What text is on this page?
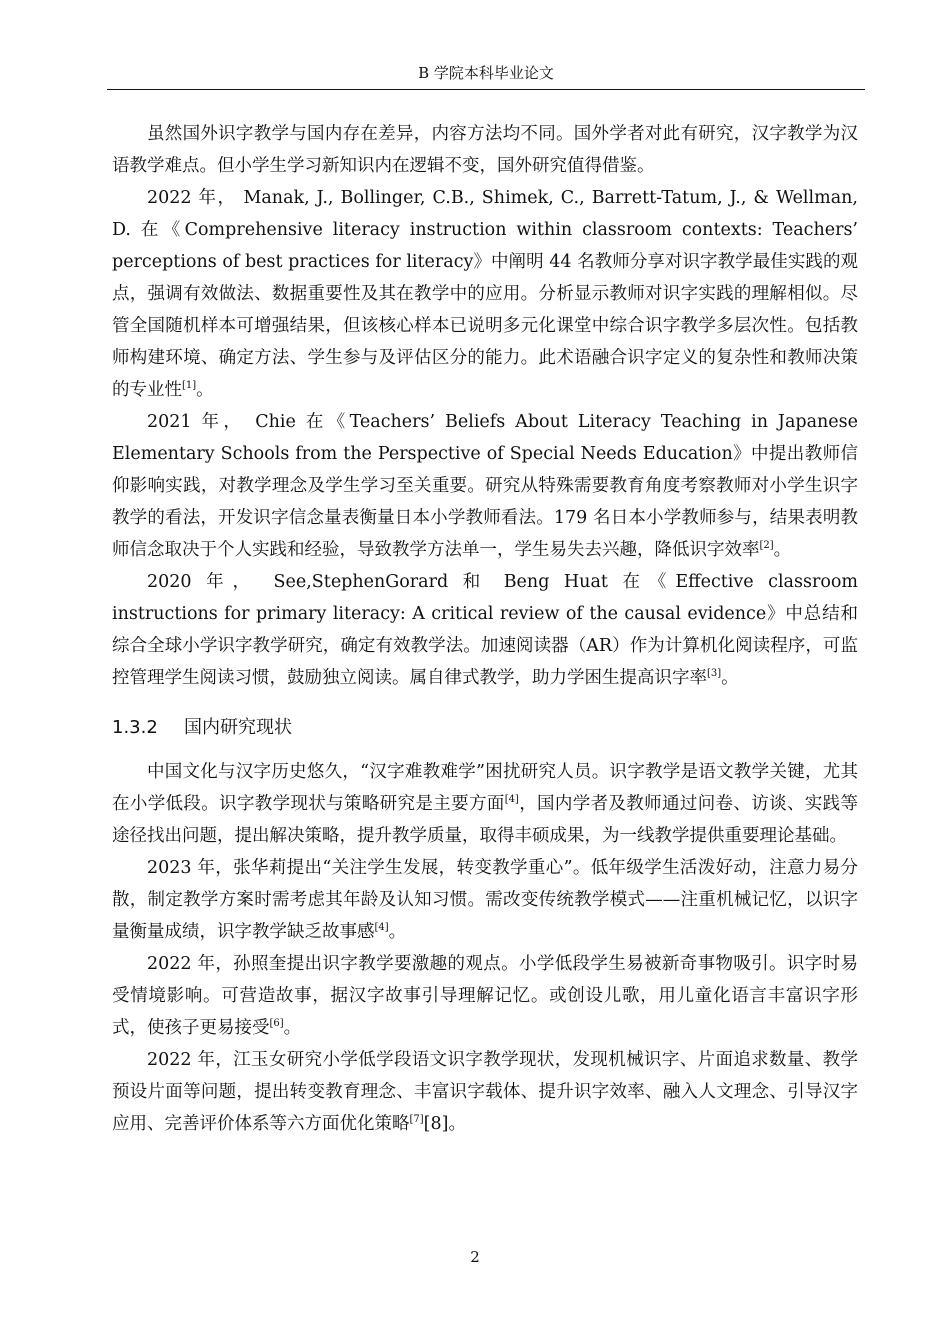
B 学院本科毕业论文

虽然国外识字教学与国内存在差异，内容方法均不同。国外学者对此有研究，汉字教学为汉语教学难点。但小学生学习新知识内在逻辑不变，国外研究值得借鉴。

2022 年， Manak, J., Bollinger, C.B., Shimek, C., Barrett-Tatum, J., & Wellman, D. 在《Comprehensive literacy instruction within classroom contexts: Teachers’ perceptions of best practices for literacy》中阐明 44 名教师分享对识字教学最佳实践的观点，强调有效做法、数据重要性及其在教学中的应用。分析显示教师对识字实践的理解相似。尽管全国随机样本可增强结果，但该核心样本已说明多元化课堂中综合识字教学多层次性。包括教师构建环境、确定方法、学生参与及评估区分的能力。此术语融合识字定义的复杂性和教师决策的专业性[1]。

2021 年， Chie 在《Teachers’ Beliefs About Literacy Teaching in Japanese Elementary Schools from the Perspective of Special Needs Education》中提出教师信仰影响实践，对教学理念及学生学习至关重要。研究从特殊需要教育角度考察教师对小学生识字教学的看法，开发识字信念量表衡量日本小学教师看法。179 名日本小学教师参与，结果表明教师信念取决于个人实践和经验，导致教学方法单一，学生易失去兴趣，降低识字效率[2]。

2020 年， See,StephenGorard 和 Beng Huat 在《Effective classroom instructions for primary literacy: A critical review of the causal evidence》中总结和综合全球小学识字教学研究，确定有效教学法。加速阅读器（AR）作为计算机化阅读程序，可监控管理学生阅读习惯，鼓励独立阅读。属自律式教学，助力学困生提高识字率[3]。

1.3.2 国内研究现状

中国文化与汉字历史悠久，“汉字难教难学”困扰研究人员。识字教学是语文教学关键，尤其在小学低段。识字教学现状与策略研究是主要方面[4]，国内学者及教师通过问卷、访谈、实践等途径找出问题，提出解决策略，提升教学质量，取得丰硕成果，为一线教学提供重要理论基础。

2023 年，张华莉提出“关注学生发展，转变教学重心”。低年级学生活泼好动，注意力易分散，制定教学方案时需考虑其年龄及认知习惯。需改变传统教学模式——注重机械记忆，以识字量衡量成绩，识字教学缺乏故事感[4]。

2022 年，孙照奎提出识字教学要激趣的观点。小学低段学生易被新奇事物吸引。识字时易受情境影响。可营造故事，据汉字故事引导理解记忆。或创设儿歌，用儿童化语言丰富识字形式，使孩子更易接受[6]。

2022 年，江玉女研究小学低学段语文识字教学现状，发现机械识字、片面追求数量、教学预设片面等问题，提出转变教育理念、丰富识字载体、提升识字效率、融入人文理念、引导汉字应用、完善评价体系等六方面优化策略[7][8]。

2
